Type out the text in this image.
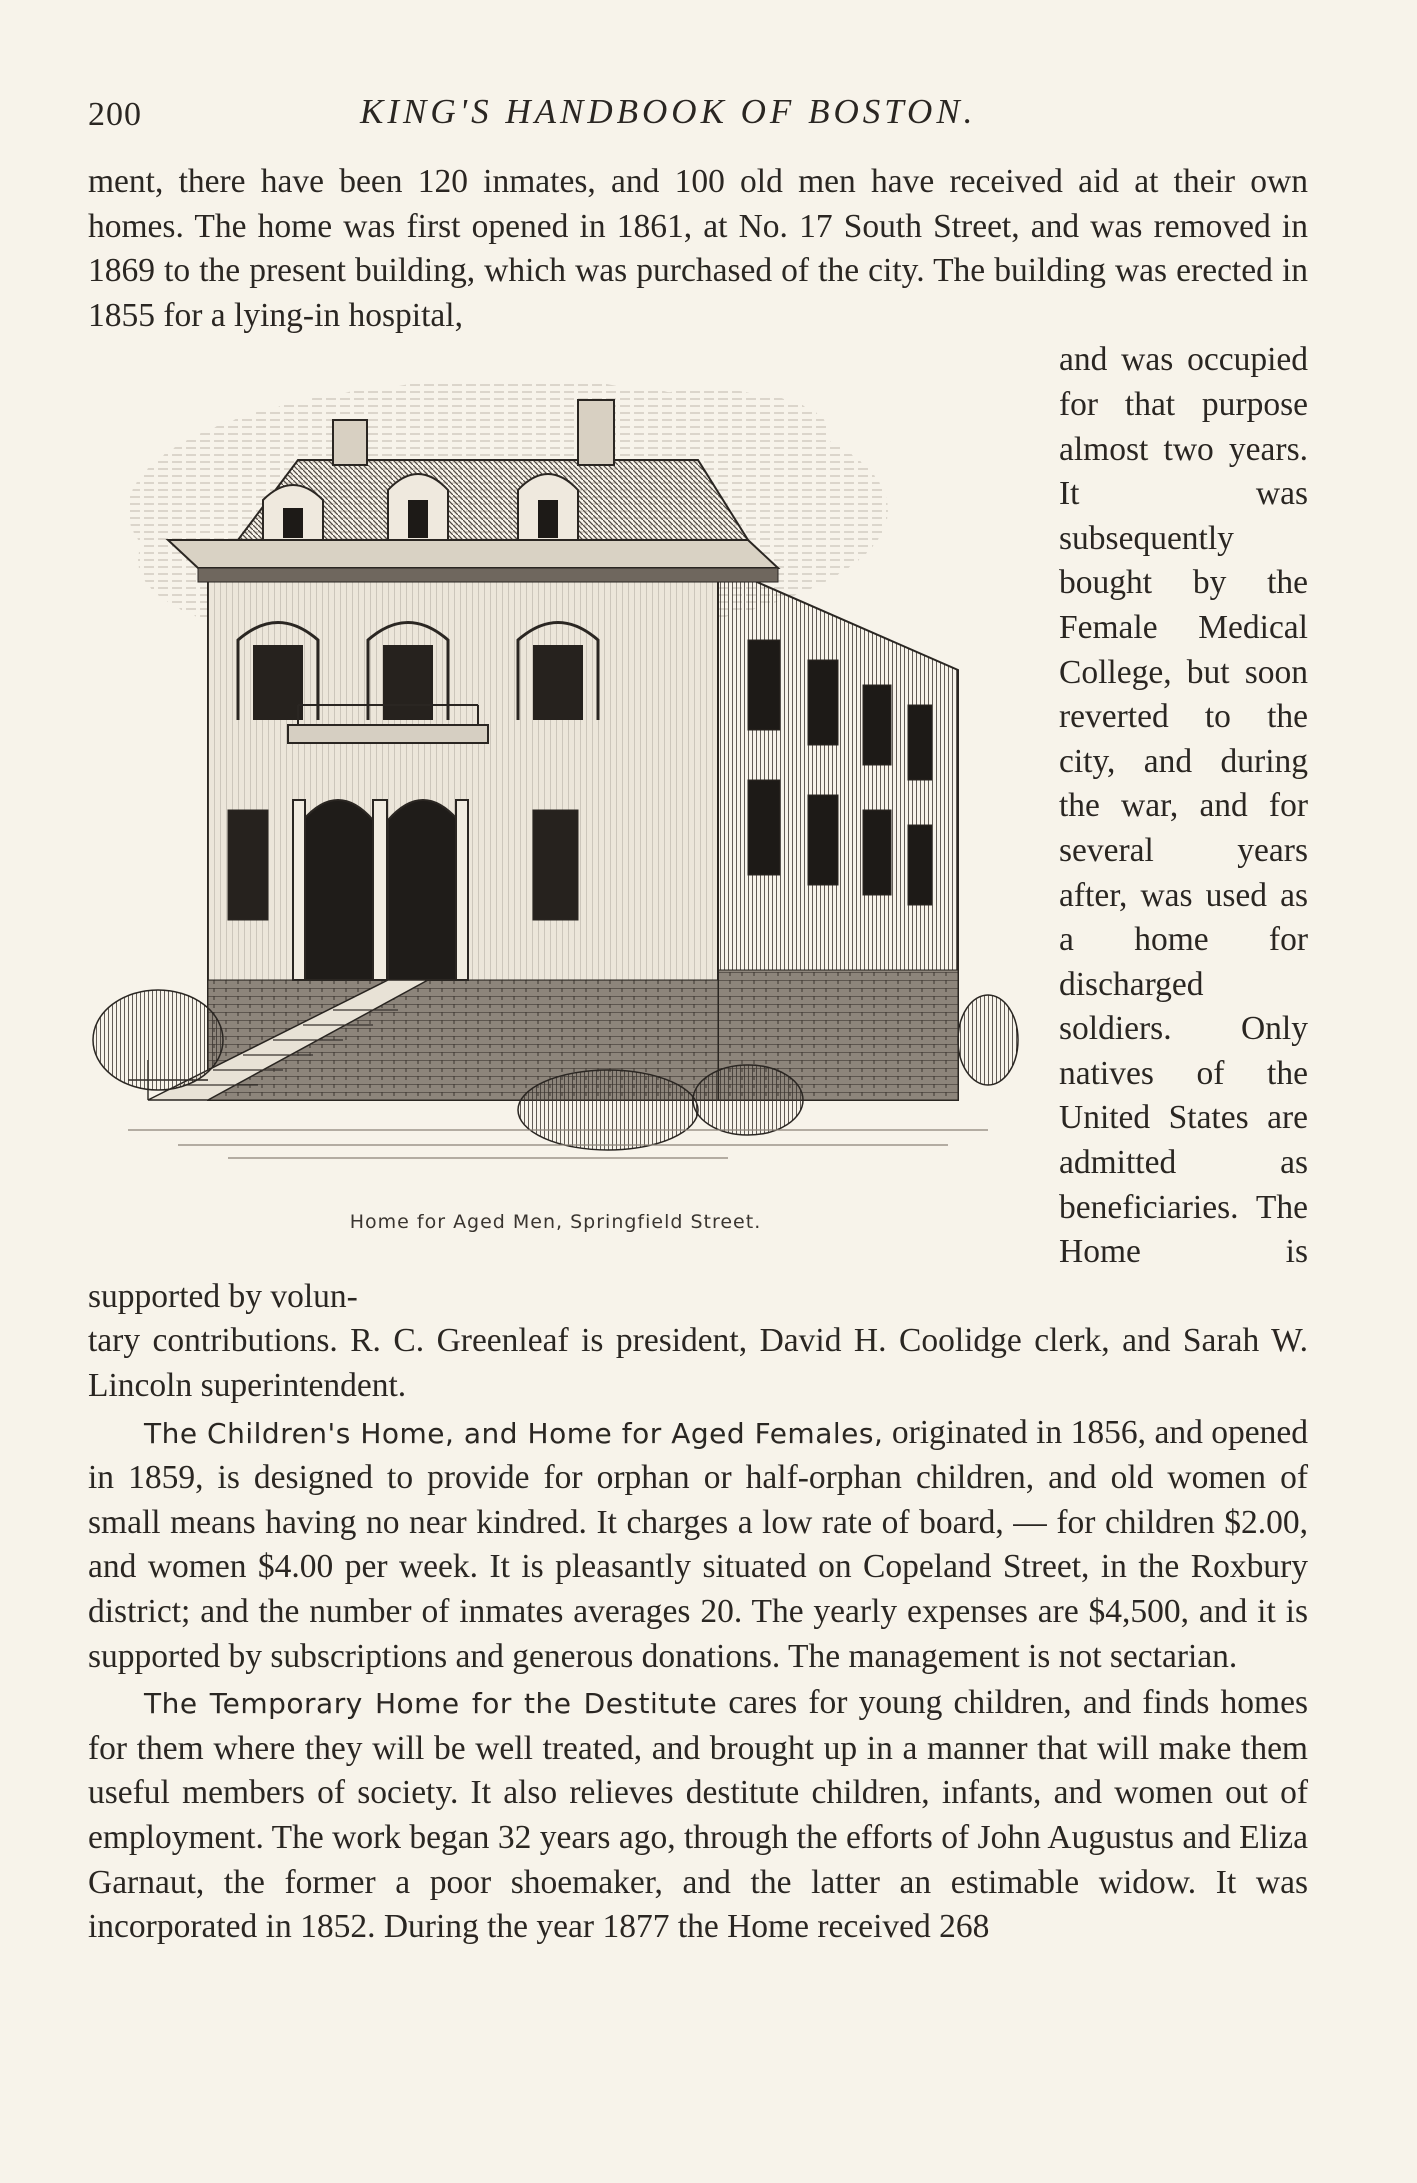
200	KING'S HANDBOOK OF BOSTON.

ment, there have been 120 inmates, and 100 old men have received aid at their own homes. The home was first opened in 1861, at No. 17 South Street, and was removed in 1869 to the present building, which was purchased of the city. The building was erected in 1855 for a lying-in hospital,

Home for Aged Men, Springfield Street.
and was occupied for that purpose almost two years. It was subsequently bought by the Female Medical College, but soon reverted to the city, and during the war, and for several years after, was used as a home for discharged soldiers. Only natives of the United States are admitted as beneficiaries. The Home is supported by volun-

tary contributions. R. C. Greenleaf is president, David H. Coolidge clerk, and Sarah W. Lincoln superintendent.

The Children's Home, and Home for Aged Females, originated in 1856, and opened in 1859, is designed to provide for orphan or half-orphan children, and old women of small means having no near kindred. It charges a low rate of board, — for children $2.00, and women $4.00 per week. It is pleasantly situated on Copeland Street, in the Roxbury district; and the number of inmates averages 20. The yearly expenses are $4,500, and it is supported by subscriptions and generous donations. The management is not sectarian.

The Temporary Home for the Destitute cares for young children, and finds homes for them where they will be well treated, and brought up in a manner that will make them useful members of society. It also relieves destitute children, infants, and women out of employment. The work began 32 years ago, through the efforts of John Augustus and Eliza Garnaut, the former a poor shoemaker, and the latter an estimable widow. It was incorporated in 1852. During the year 1877 the Home received 268
